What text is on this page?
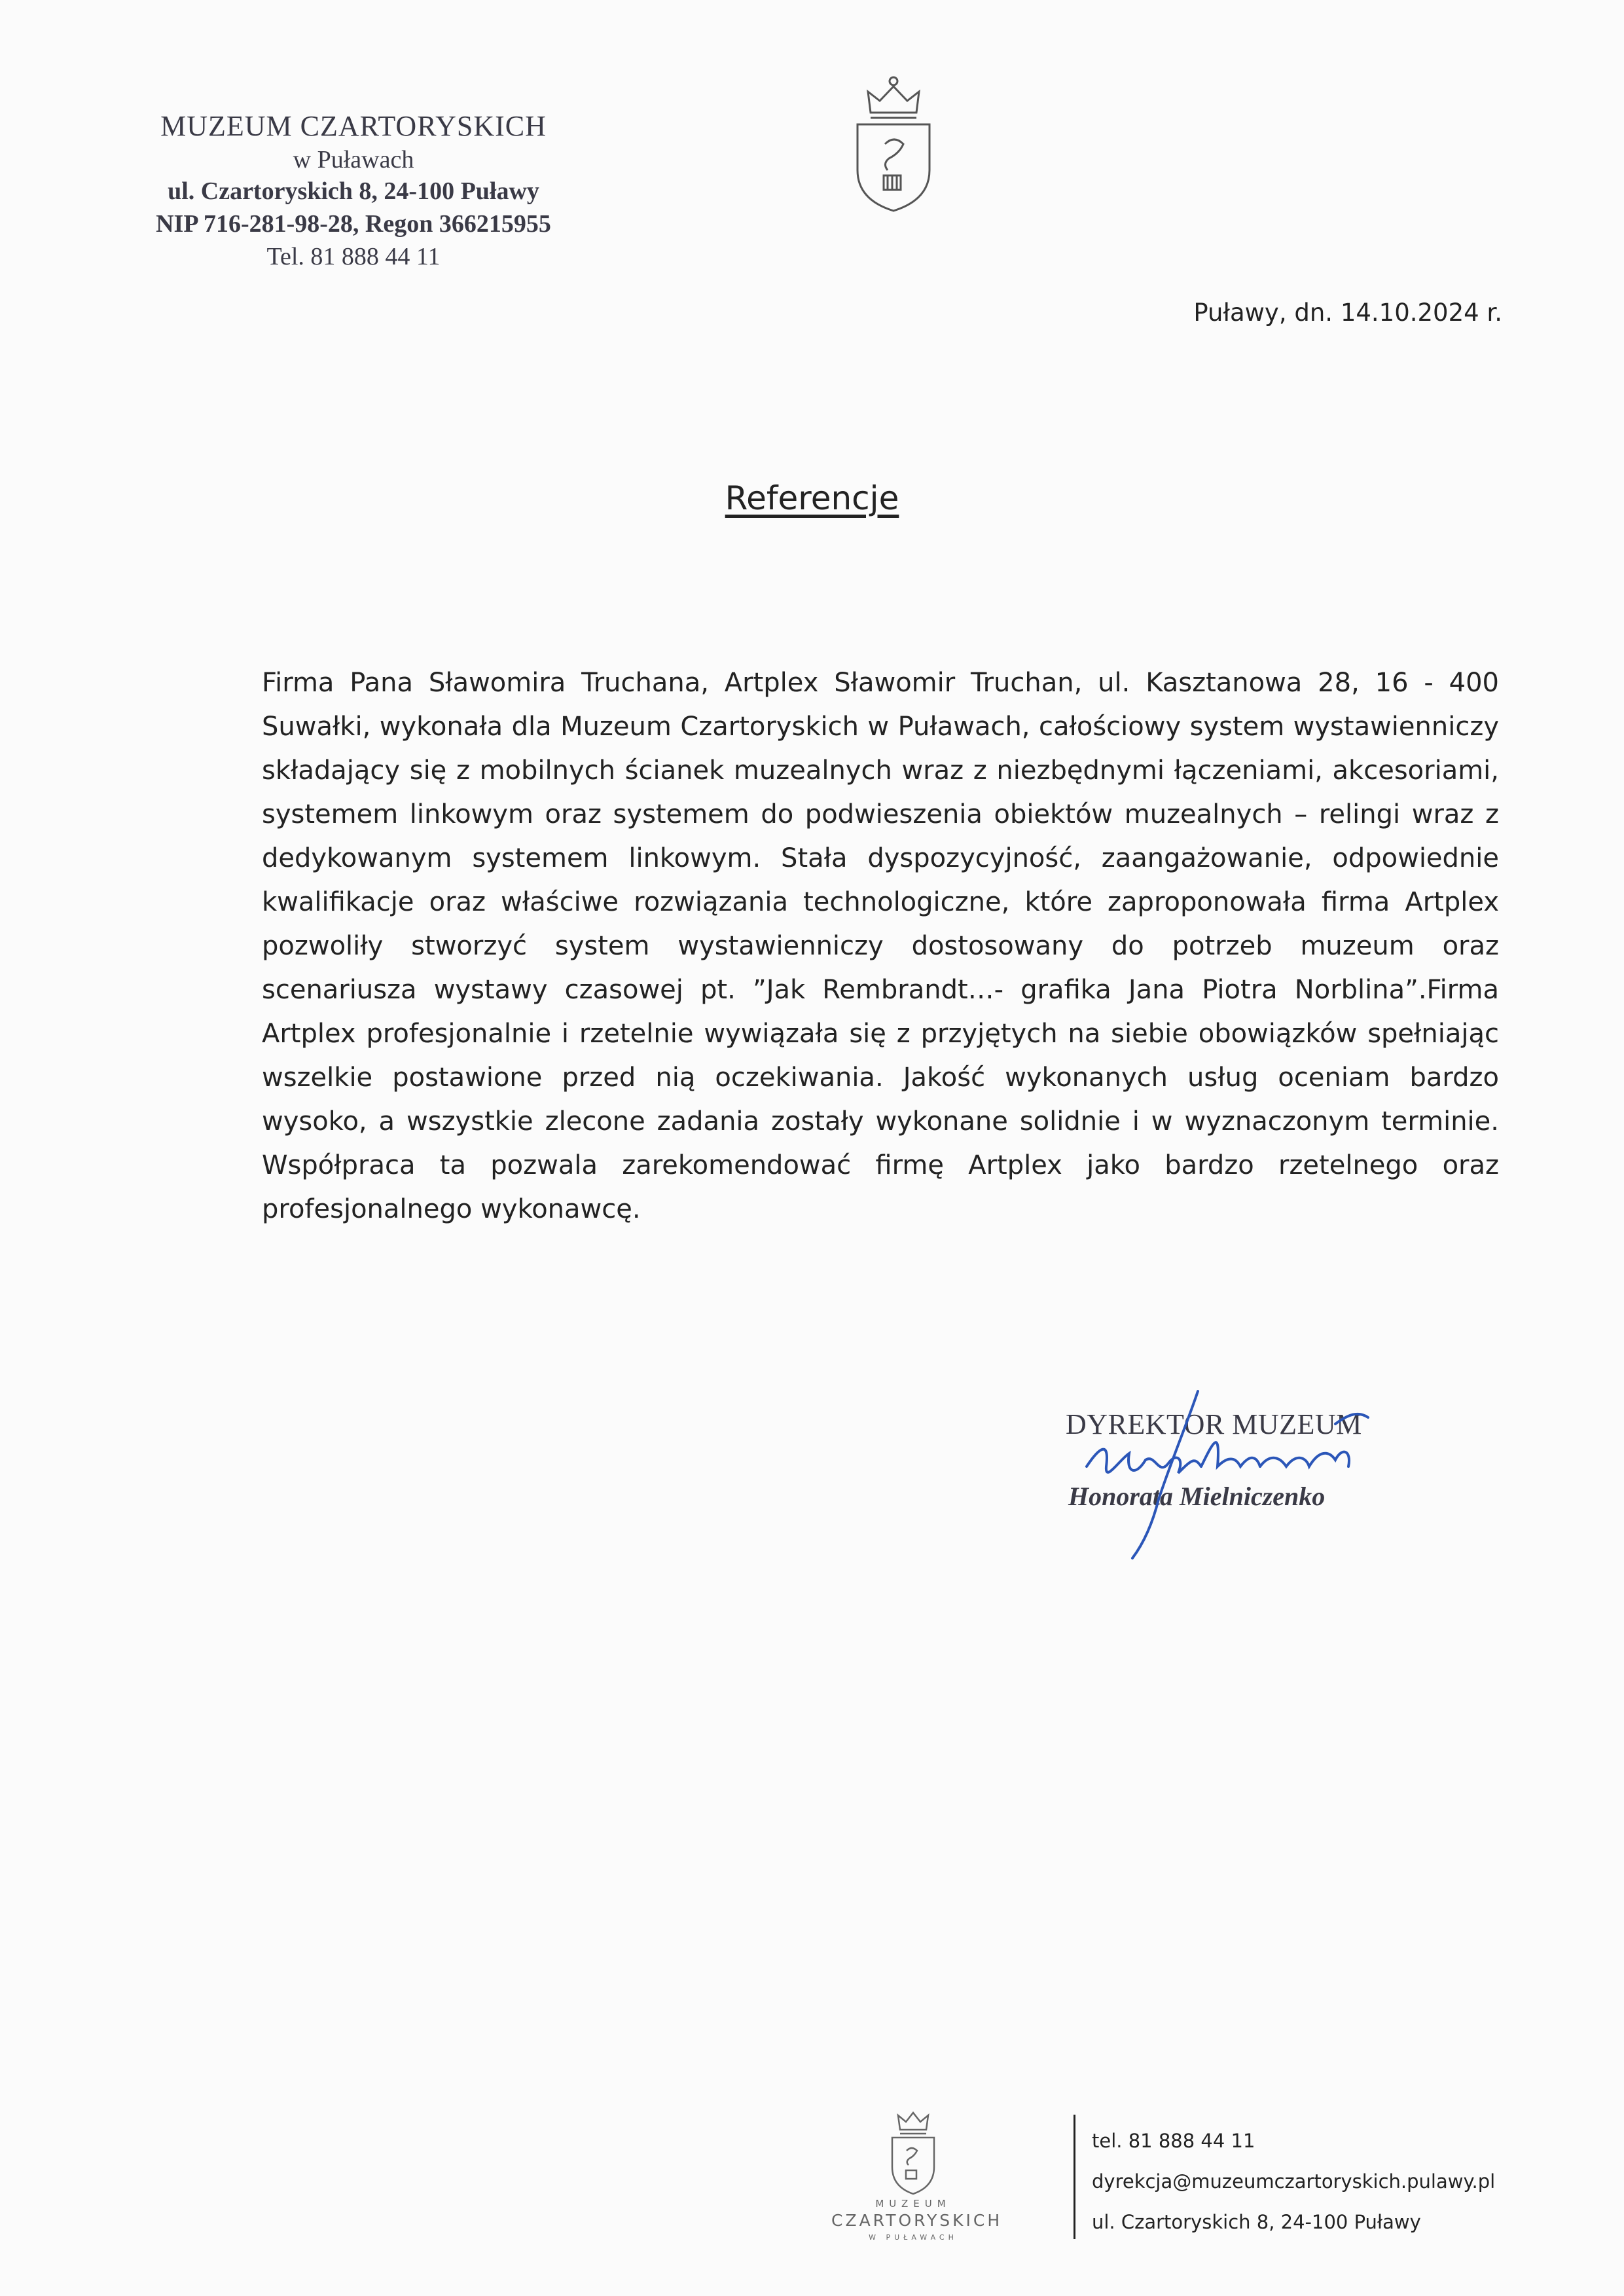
MUZEUM CZARTORYSKICH
w Puławach
ul. Czartoryskich 8, 24-100 Puławy
NIP 716-281-98-28, Regon 366215955
Tel. 81 888 44 11
Puławy, dn. 14.10.2024 r.
Referencje
Firma Pana Sławomira Truchana, Artplex Sławomir Truchan, ul. Kasztanowa 28, 16 - 400
Suwałki, wykonała dla Muzeum Czartoryskich w Puławach, całościowy system wystawienniczy
składający się z mobilnych ścianek muzealnych wraz z niezbędnymi łączeniami, akcesoriami,
systemem linkowym oraz systemem do podwieszenia obiektów muzealnych – relingi wraz z
dedykowanym systemem linkowym. Stała dyspozycyjność, zaangażowanie, odpowiednie
kwalifikacje oraz właściwe rozwiązania technologiczne, które zaproponowała firma Artplex
pozwoliły stworzyć system wystawienniczy dostosowany do potrzeb muzeum oraz
scenariusza wystawy czasowej pt. ”Jak Rembrandt…- grafika Jana Piotra Norblina”.Firma
Artplex profesjonalnie i rzetelnie wywiązała się z przyjętych na siebie obowiązków spełniając
wszelkie postawione przed nią oczekiwania. Jakość wykonanych usług oceniam bardzo
wysoko, a wszystkie zlecone zadania zostały wykonane solidnie i w wyznaczonym terminie.
Współpraca ta pozwala zarekomendować firmę Artplex jako bardzo rzetelnego oraz
profesjonalnego wykonawcę.
DYREKTOR MUZEUM
Honorata Mielniczenko
MUZEUM
CZARTORYSKICH
W PUŁAWACH
tel. 81 888 44 11
dyrekcja@muzeumczartoryskich.pulawy.pl
ul. Czartoryskich 8, 24-100 Puławy
